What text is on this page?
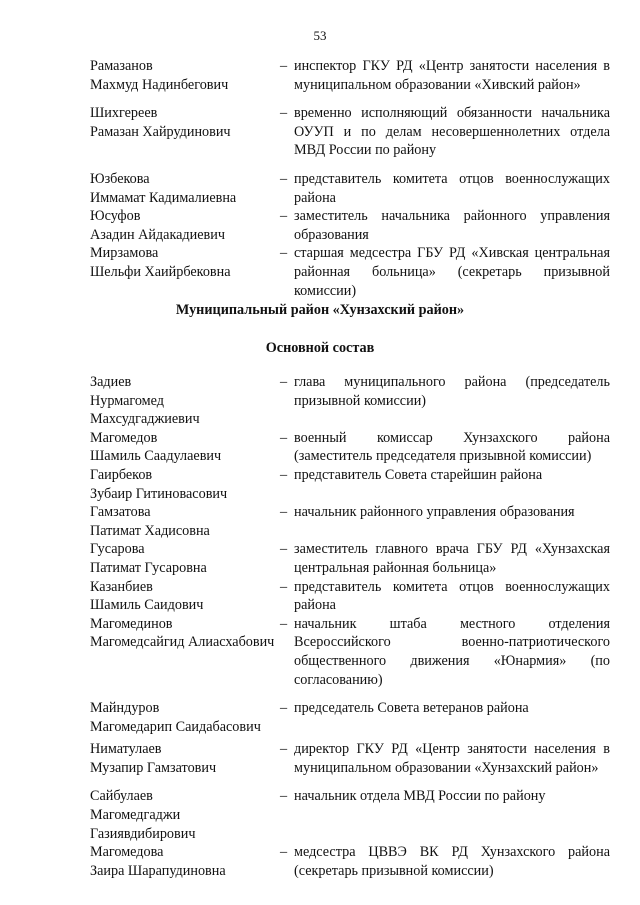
53
Рамазанов
Махмуд Надинбегович
– инспектор ГКУ РД «Центр занятости населения в муниципальном образовании «Хивский район»
Шихгереев
Рамазан Хайрудинович
– временно исполняющий обязанности начальника ОУУП и по делам несовершеннолетних отдела МВД России по району
Юзбекова
Иммамат Кадималиевна
– представитель комитета отцов военнослужащих района
Юсуфов
Азадин Айдакадиевич
– заместитель начальника районного управления образования
Мирзамова
Шельфи Хаийрбековна
– старшая медсестра ГБУ РД «Хивская центральная районная больница» (секретарь призывной комиссии)
Муниципальный район «Хунзахский район»
Основной состав
Задиев
Нурмагомед
Махсудгаджиевич
– глава муниципального района (председатель призывной комиссии)
Магомедов
Шамиль Саадулаевич
– военный комиссар Хунзахского района (заместитель председателя призывной комиссии)
Гаирбеков
Зубаир Гитиновасович
– представитель Совета старейшин района
Гамзатова
Патимат Хадисовна
– начальник районного управления образования
Гусарова
Патимат Гусаровна
– заместитель главного врача ГБУ РД «Хунзахская центральная районная больница»
Казанбиев
Шамиль Саидович
– представитель комитета отцов военнослужащих района
Магомединов
Магомедсайгид Алиасхабович
– начальник штаба местного отделения Всероссийского военно-патриотического общественного движения «Юнармия» (по согласованию)
Майндуров
Магомедарип Саидабасович
– председатель Совета ветеранов района
Ниматулаев
Музапир Гамзатович
– директор ГКУ РД «Центр занятости населения в муниципальном образовании «Хунзахский район»
Сайбулаев
Магомедгаджи
Газиявдибирович
– начальник отдела МВД России по району
Магомедова
Заира Шарапудиновна
– медсестра ЦВВЭ ВК РД Хунзахского района (секретарь призывной комиссии)
